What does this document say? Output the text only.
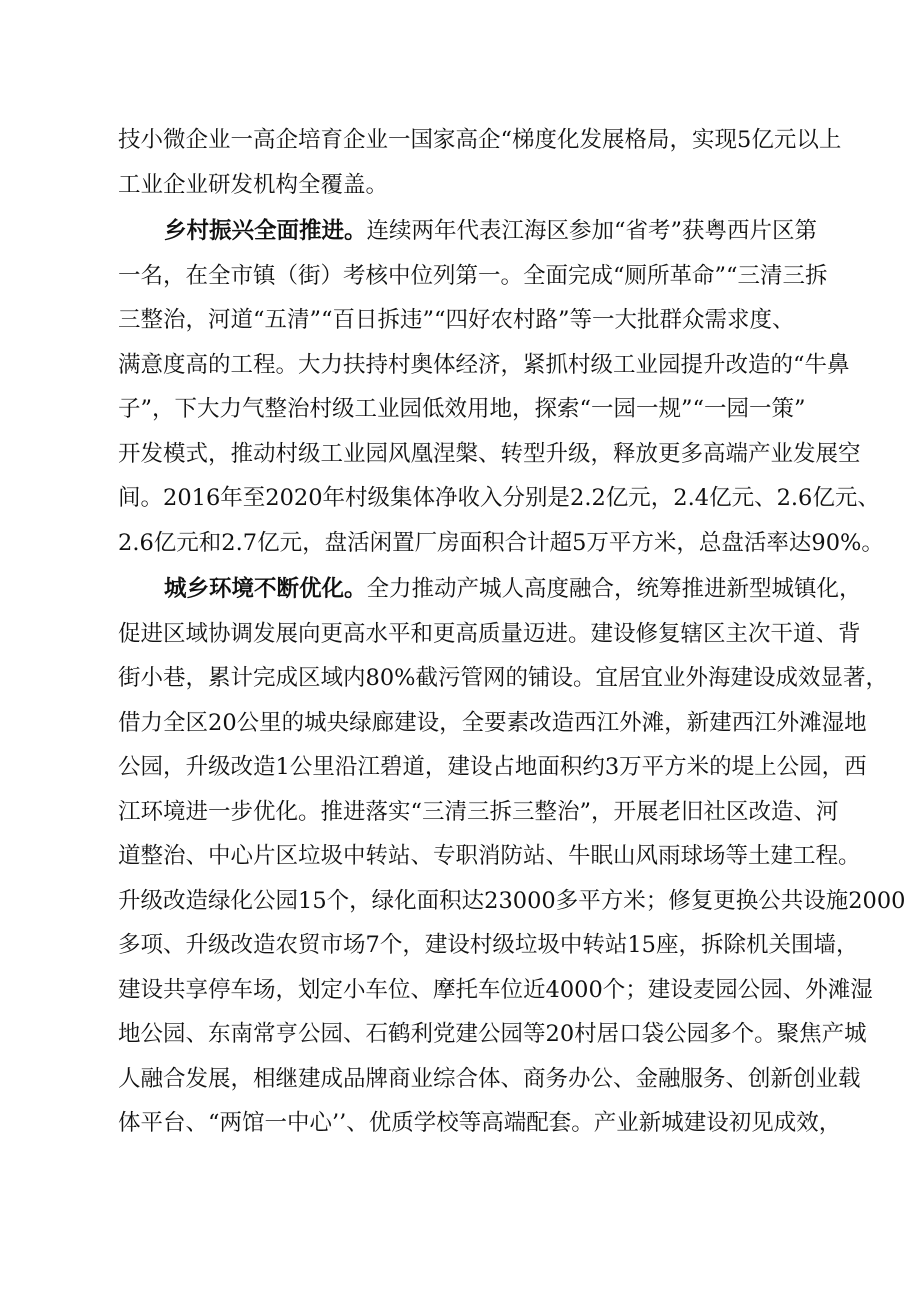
技小微企业一高企培育企业一国家高企“梯度化发展格局，实现5亿元以上
工业企业研发机构全覆盖。
乡村振兴全面推进。连续两年代表江海区参加“省考”获粤西片区第
一名，在全市镇（街）考核中位列第一。全面完成“厕所革命”“三清三拆
三整治，河道“五清”“百日拆违”“四好农村路”等一大批群众需求度、
满意度高的工程。大力扶持村奥体经济，紧抓村级工业园提升改造的“牛鼻
子”，下大力气整治村级工业园低效用地，探索“一园一规”“一园一策”
开发模式，推动村级工业园风凰涅槃、转型升级，释放更多高端产业发展空
间。2016年至2020年村级集体净收入分别是2.2亿元，2.4亿元、2.6亿元、
2.6亿元和2.7亿元，盘活闲置厂房面积合计超5万平方米，总盘活率达90%。
城乡环境不断优化。全力推动产城人高度融合，统筹推进新型城镇化，
促进区域协调发展向更高水平和更高质量迈进。建设修复辖区主次干道、背
街小巷，累计完成区域内80%截污管网的铺设。宜居宜业外海建设成效显著，
借力全区20公里的城央绿廊建设，全要素改造西江外滩，新建西江外滩湿地
公园，升级改造1公里沿江碧道，建设占地面积约3万平方米的堤上公园，西
江环境进一步优化。推进落实“三清三拆三整治”，开展老旧社区改造、河
道整治、中心片区垃圾中转站、专职消防站、牛眠山风雨球场等土建工程。
升级改造绿化公园15个，绿化面积达23000多平方米；修复更换公共设施2000
多项、升级改造农贸市场7个，建设村级垃圾中转站15座，拆除机关围墙，
建设共享停车场，划定小车位、摩托车位近4000个；建设麦园公园、外滩湿
地公园、东南常亨公园、石鹤利党建公园等20村居口袋公园多个。聚焦产城
人融合发展，相继建成品牌商业综合体、商务办公、金融服务、创新创业载
体平台、“两馆一中心’’、优质学校等高端配套。产业新城建设初见成效，
